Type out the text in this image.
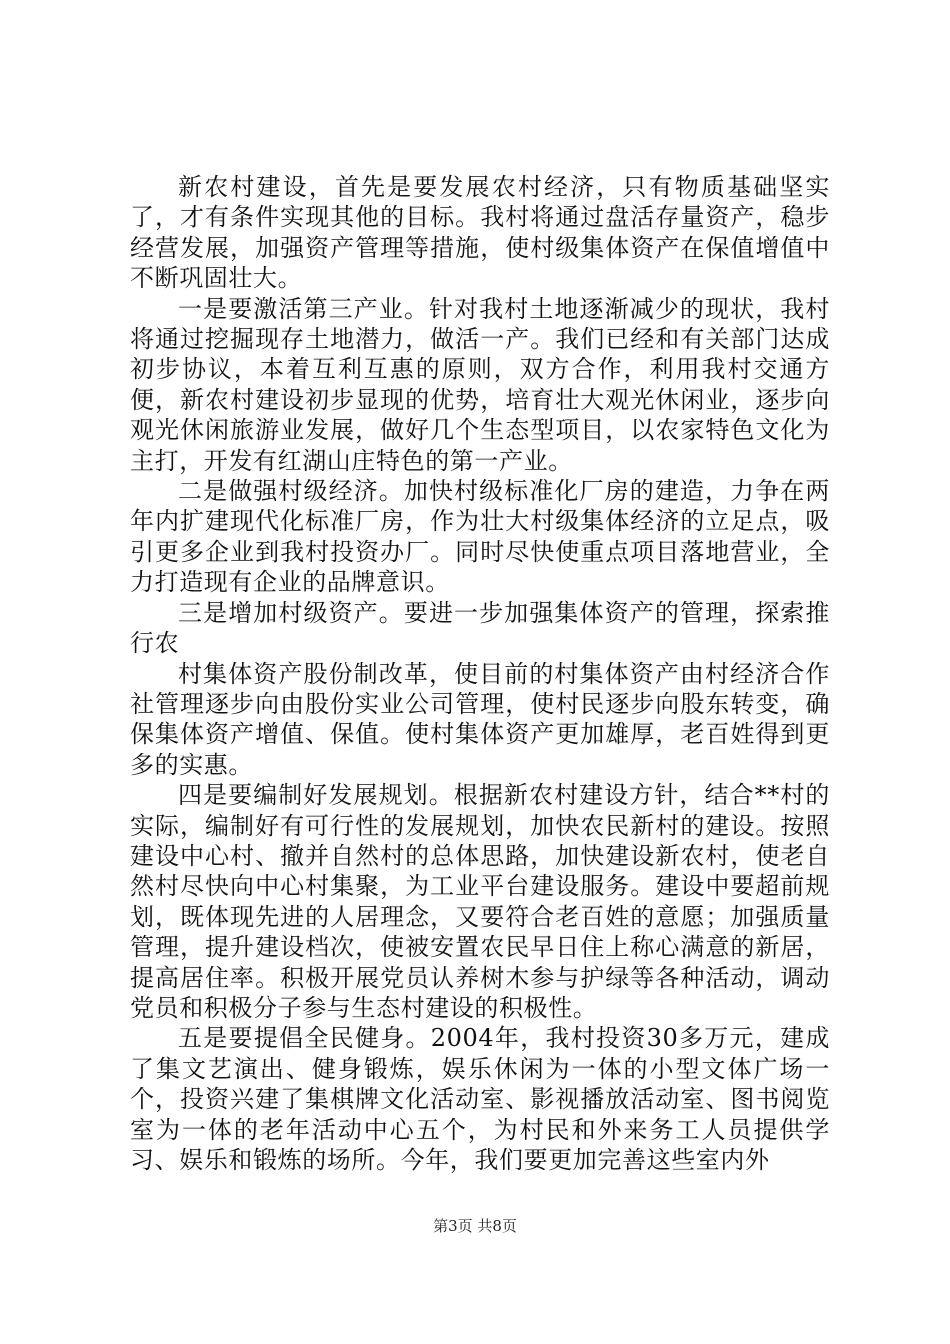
新农村建设，首先是要发展农村经济，只有物质基础坚实了，才有条件实现其他的目标。我村将通过盘活存量资产，稳步经营发展，加强资产管理等措施，使村级集体资产在保值增值中不断巩固壮大。

一是要激活第三产业。针对我村土地逐渐减少的现状，我村将通过挖掘现存土地潜力，做活一产。我们已经和有关部门达成初步协议，本着互利互惠的原则，双方合作，利用我村交通方便，新农村建设初步显现的优势，培育壮大观光休闲业，逐步向观光休闲旅游业发展，做好几个生态型项目，以农家特色文化为主打，开发有红湖山庄特色的第一产业。

二是做强村级经济。加快村级标准化厂房的建造，力争在两年内扩建现代化标准厂房，作为壮大村级集体经济的立足点，吸引更多企业到我村投资办厂。同时尽快使重点项目落地营业，全力打造现有企业的品牌意识。

三是增加村级资产。要进一步加强集体资产的管理，探索推行农

村集体资产股份制改革，使目前的村集体资产由村经济合作社管理逐步向由股份实业公司管理，使村民逐步向股东转变，确保集体资产增值、保值。使村集体资产更加雄厚，老百姓得到更多的实惠。

四是要编制好发展规划。根据新农村建设方针，结合**村的实际，编制好有可行性的发展规划，加快农民新村的建设。按照建设中心村、撤并自然村的总体思路，加快建设新农村，使老自然村尽快向中心村集聚，为工业平台建设服务。建设中要超前规划，既体现先进的人居理念，又要符合老百姓的意愿；加强质量管理，提升建设档次，使被安置农民早日住上称心满意的新居，提高居住率。积极开展党员认养树木参与护绿等各种活动，调动党员和积极分子参与生态村建设的积极性。

五是要提倡全民健身。2004年，我村投资30多万元，建成了集文艺演出、健身锻炼，娱乐休闲为一体的小型文体广场一个，投资兴建了集棋牌文化活动室、影视播放活动室、图书阅览室为一体的老年活动中心五个，为村民和外来务工人员提供学习、娱乐和锻炼的场所。今年，我们要更加完善这些室内外

第3页 共8页
